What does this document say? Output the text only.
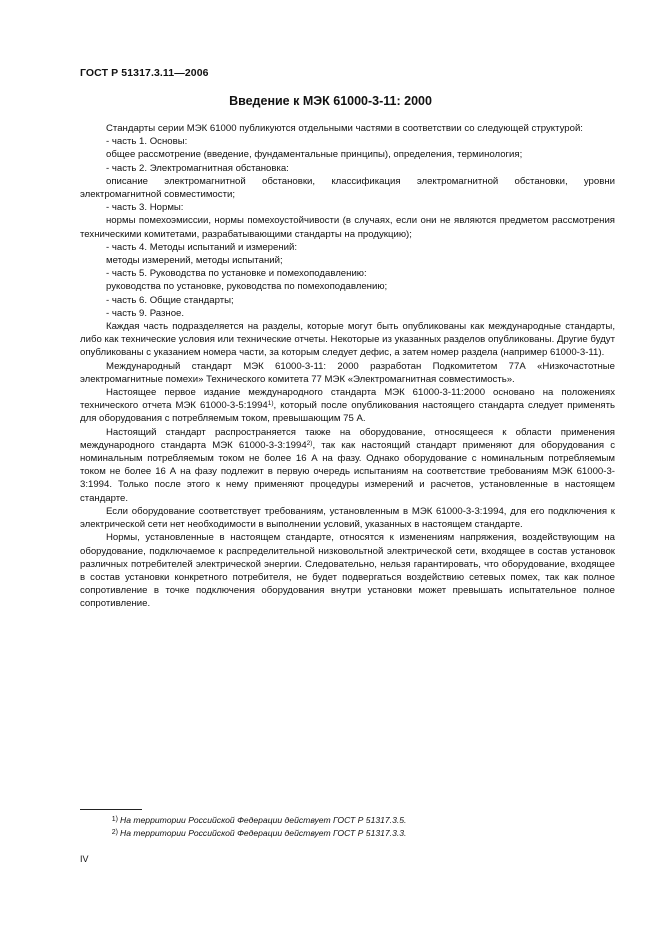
ГОСТ Р 51317.3.11—2006
Введение к МЭК 61000-3-11: 2000

Стандарты серии МЭК 61000 публикуются отдельными частями в соответствии со следующей структурой:

- часть 1. Основы:

общее рассмотрение (введение, фундаментальные принципы), определения, терминология;

- часть 2. Электромагнитная обстановка:

описание электромагнитной обстановки, классификация электромагнитной обстановки, уровни электромагнитной совместимости;

- часть 3. Нормы:

нормы помехоэмиссии, нормы помехоустойчивости (в случаях, если они не являются предметом рассмотрения техническими комитетами, разрабатывающими стандарты на продукцию);

- часть 4. Методы испытаний и измерений:

методы измерений, методы испытаний;

- часть 5. Руководства по установке и помехоподавлению:

руководства по установке, руководства по помехоподавлению;

- часть 6. Общие стандарты;

- часть 9. Разное.

Каждая часть подразделяется на разделы, которые могут быть опубликованы как международные стандарты, либо как технические условия или технические отчеты. Некоторые из указанных разделов опубликованы. Другие будут опубликованы с указанием номера части, за которым следует дефис, а затем номер раздела (например 61000-3-11).

Международный стандарт МЭК 61000-3-11: 2000 разработан Подкомитетом 77А «Низкочастотные электромагнитные помехи» Технического комитета 77 МЭК «Электромагнитная совместимость».

Настоящее первое издание международного стандарта МЭК 61000-3-11:2000 основано на положениях технического отчета МЭК 61000-3-5:1994$^{1)}$, который после опубликования настоящего стандарта следует применять для оборудования с потребляемым током, превышающим 75 А.

Настоящий стандарт распространяется также на оборудование, относящееся к области применения международного стандарта МЭК 61000-3-3:1994$^{2)}$, так как настоящий стандарт применяют для оборудования с номинальным потребляемым током не более 16 А на фазу. Однако оборудование с номинальным потребляемым током не более 16 А на фазу подлежит в первую очередь испытаниям на соответствие требованиям МЭК 61000-3-3:1994. Только после этого к нему применяют процедуры измерений и расчетов, установленные в настоящем стандарте.

Если оборудование соответствует требованиям, установленным в МЭК 61000-3-3:1994, для его подключения к электрической сети нет необходимости в выполнении условий, указанных в настоящем стандарте.

Нормы, установленные в настоящем стандарте, относятся к изменениям напряжения, воздействующим на оборудование, подключаемое к распределительной низковольтной электрической сети, входящее в состав установок различных потребителей электрической энергии. Следовательно, нельзя гарантировать, что оборудование, входящее в состав установки конкретного потребителя, не будет подвергаться воздействию сетевых помех, так как полное сопротивление в точке подключения оборудования внутри установки может превышать испытательное полное сопротивление.

1) На территории Российской Федерации действует ГОСТ Р 51317.3.5.
2) На территории Российской Федерации действует ГОСТ Р 51317.3.3.
IV
